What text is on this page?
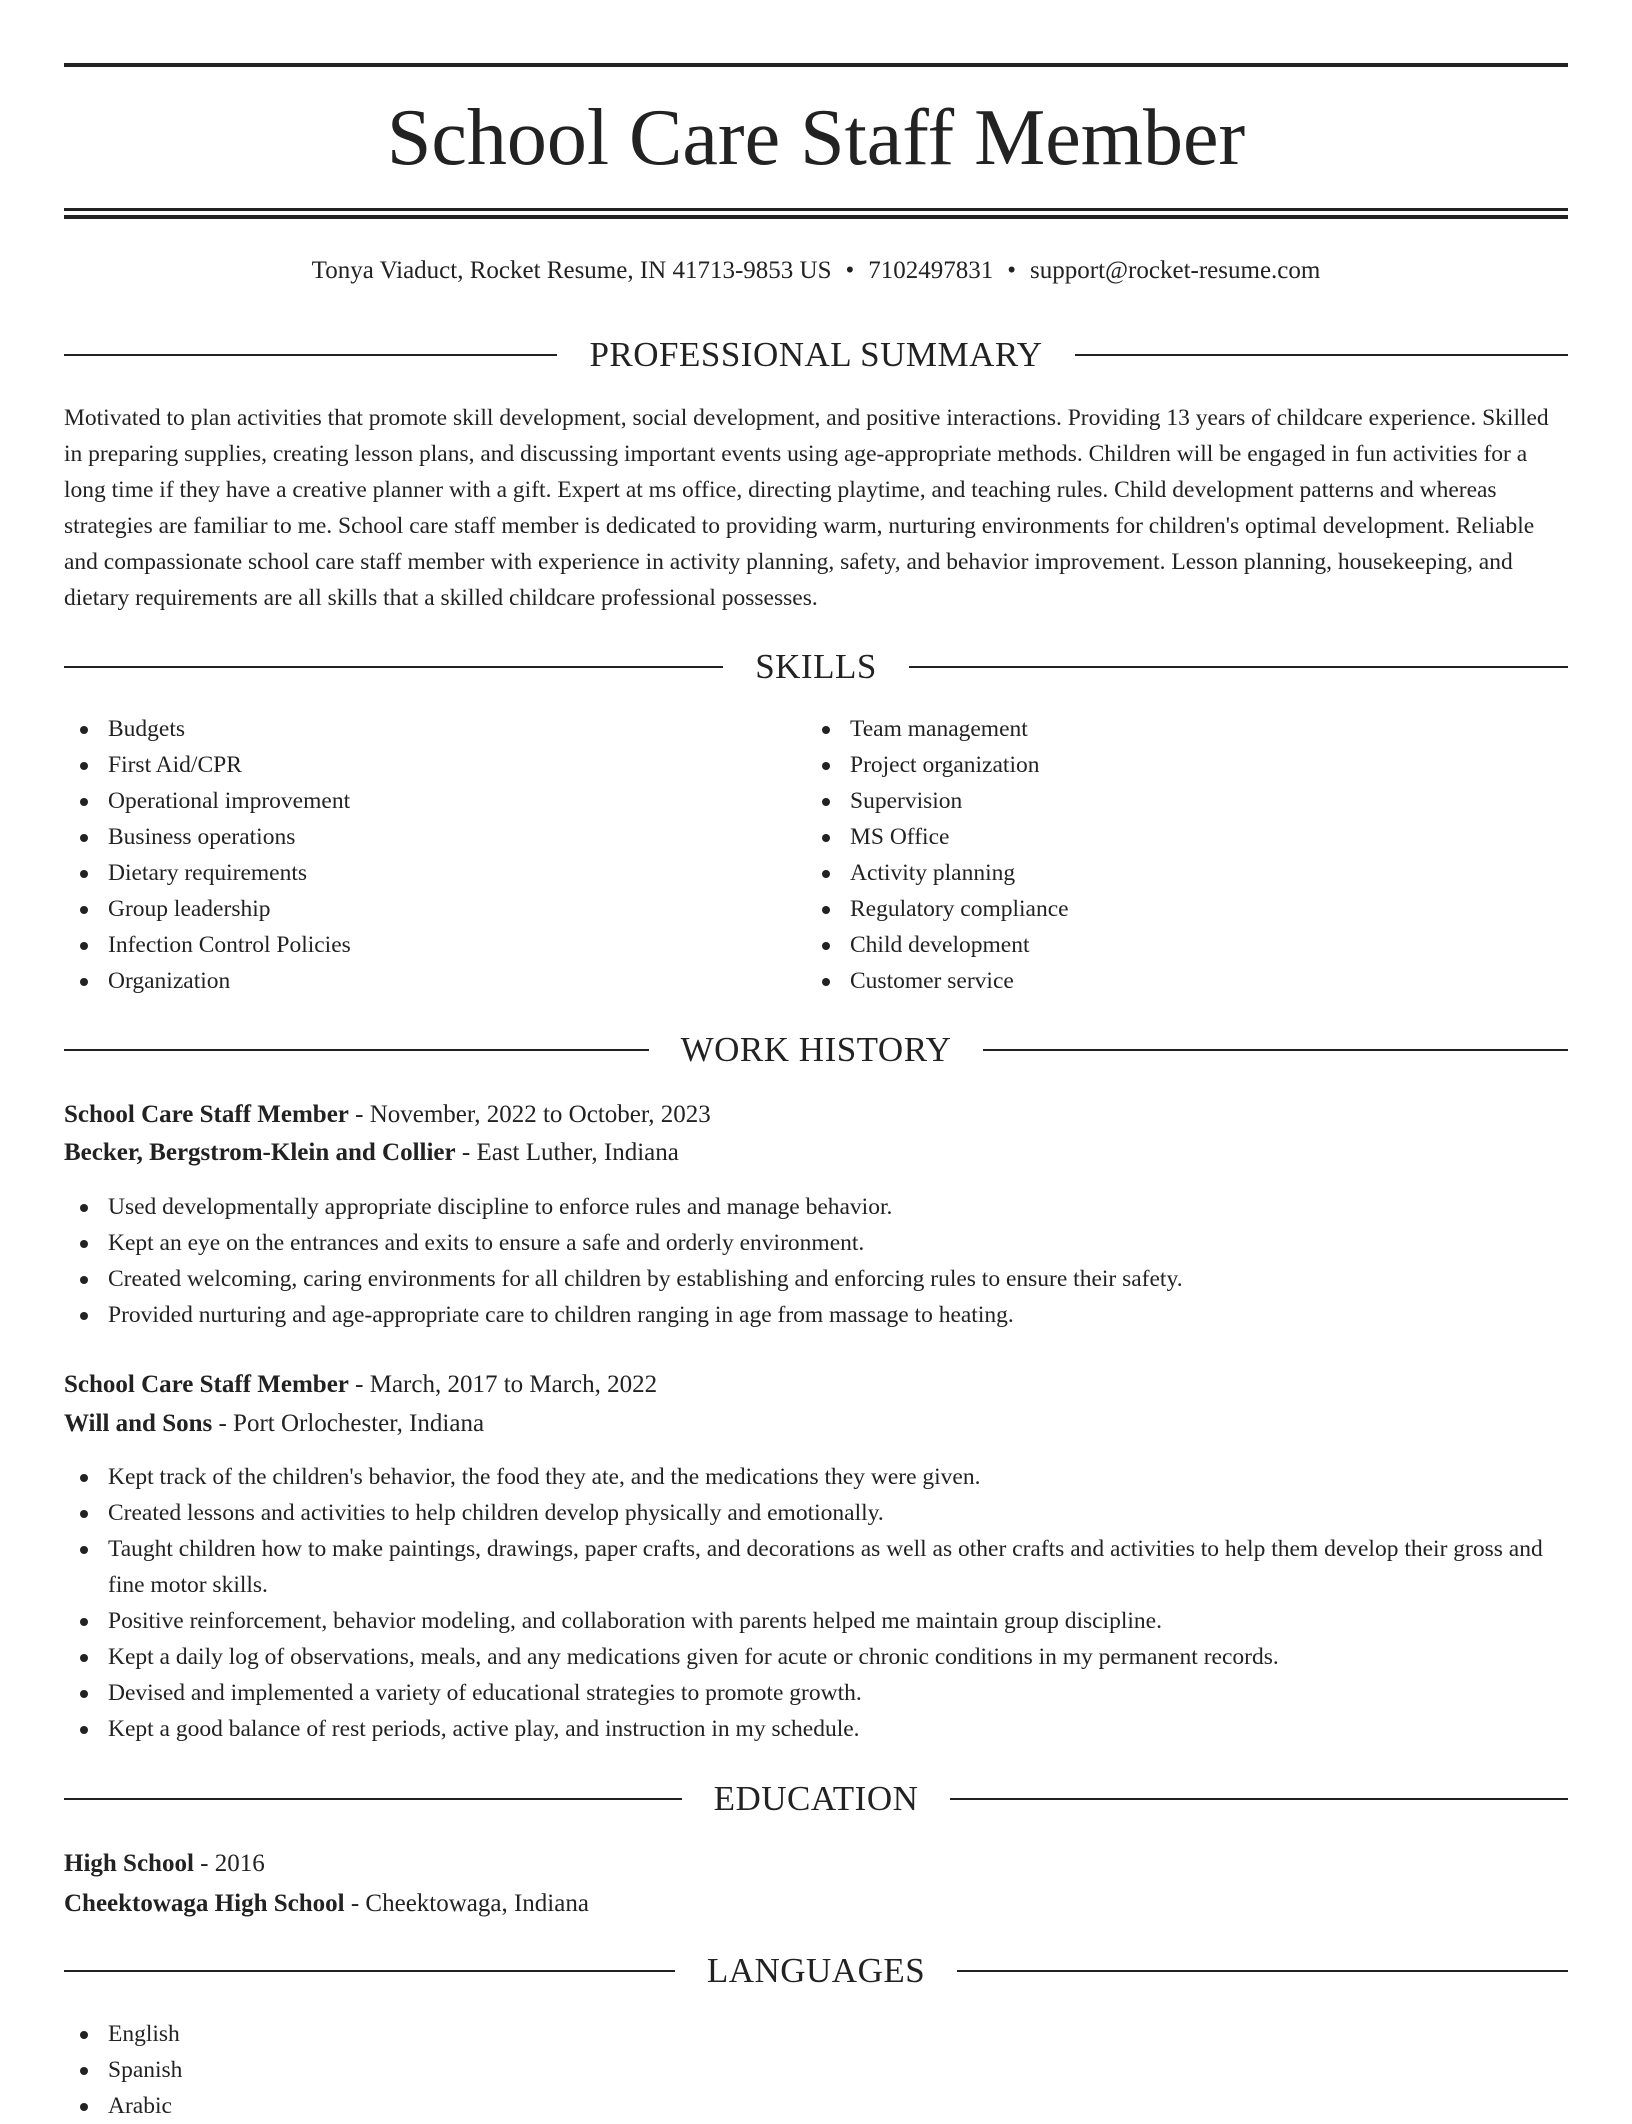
School Care Staff Member
Tonya Viaduct, Rocket Resume, IN 41713-9853 US • 7102497831 • support@rocket-resume.com
PROFESSIONAL SUMMARY

Motivated to plan activities that promote skill development, social development, and positive interactions. Providing 13 years of childcare experience. Skilled in preparing supplies, creating lesson plans, and discussing important events using age-appropriate methods. Children will be engaged in fun activities for a long time if they have a creative planner with a gift. Expert at ms office, directing playtime, and teaching rules. Child development patterns and whereas strategies are familiar to me. School care staff member is dedicated to providing warm, nurturing environments for children's optimal development. Reliable and compassionate school care staff member with experience in activity planning, safety, and behavior improvement. Lesson planning, housekeeping, and dietary requirements are all skills that a skilled childcare professional possesses.

SKILLS
Budgets
First Aid/CPR
Operational improvement
Business operations
Dietary requirements
Group leadership
Infection Control Policies
Organization
Team management
Project organization
Supervision
MS Office
Activity planning
Regulatory compliance
Child development
Customer service
WORK HISTORY
School Care Staff Member - November, 2022 to October, 2023
Becker, Bergstrom-Klein and Collier - East Luther, Indiana
Used developmentally appropriate discipline to enforce rules and manage behavior.
Kept an eye on the entrances and exits to ensure a safe and orderly environment.
Created welcoming, caring environments for all children by establishing and enforcing rules to ensure their safety.
Provided nurturing and age-appropriate care to children ranging in age from massage to heating.
School Care Staff Member - March, 2017 to March, 2022
Will and Sons - Port Orlochester, Indiana
Kept track of the children's behavior, the food they ate, and the medications they were given.
Created lessons and activities to help children develop physically and emotionally.
Taught children how to make paintings, drawings, paper crafts, and decorations as well as other crafts and activities to help them develop their gross and fine motor skills.
Positive reinforcement, behavior modeling, and collaboration with parents helped me maintain group discipline.
Kept a daily log of observations, meals, and any medications given for acute or chronic conditions in my permanent records.
Devised and implemented a variety of educational strategies to promote growth.
Kept a good balance of rest periods, active play, and instruction in my schedule.
EDUCATION
High School - 2016
Cheektowaga High School - Cheektowaga, Indiana
LANGUAGES
English
Spanish
Arabic
